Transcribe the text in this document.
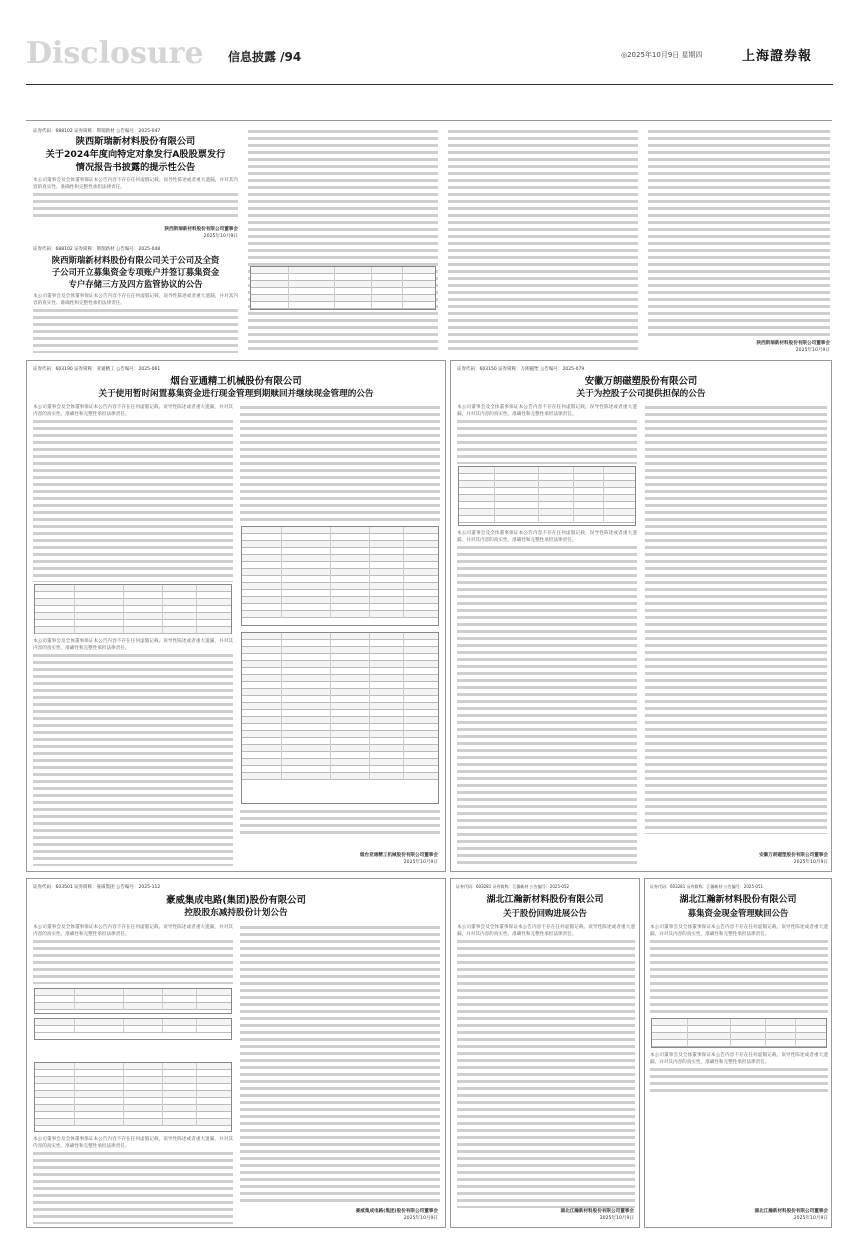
Disclosure 信息披露 /94	◎2025年10月9日 星期四	上海證券報
证券代码：688102 证券简称：斯瑞新材 公告编号：2025-047
陕西斯瑞新材料股份有限公司
关于2024年度向特定对象发行A股股票发行
情况报告书披露的提示性公告
本公司董事会及全体董事保证本公告内容不存在任何虚假记载、误导性陈述或者重大遗漏，并对其内容的真实性、准确性和完整性承担法律责任。
陕西斯瑞新材料股份有限公司董事会
2025年10月9日
证券代码：688102 证券简称：斯瑞新材 公告编号：2025-048
陕西斯瑞新材料股份有限公司关于公司及全资
子公司开立募集资金专项账户并签订募集资金
专户存储三方及四方监管协议的公告
本公司董事会及全体董事保证本公告内容不存在任何虚假记载、误导性陈述或者重大遗漏，并对其内容的真实性、准确性和完整性承担法律责任。
陕西斯瑞新材料股份有限公司董事会
2025年10月9日
证券代码：603190 证券简称：亚通精工 公告编号：2025-061
烟台亚通精工机械股份有限公司
关于使用暂时闲置募集资金进行现金管理到期赎回并继续现金管理的公告
本公司董事会及全体董事保证本公告内容不存在任何虚假记载、误导性陈述或者重大遗漏，并对其内容的真实性、准确性和完整性承担法律责任。
本公司董事会及全体董事保证本公告内容不存在任何虚假记载、误导性陈述或者重大遗漏，并对其内容的真实性、准确性和完整性承担法律责任。
烟台亚通精工机械股份有限公司董事会
2025年10月9日
证券代码：603150 证券简称：万朗磁塑 公告编号：2025-079
安徽万朗磁塑股份有限公司
关于为控股子公司提供担保的公告
本公司董事会及全体董事保证本公告内容不存在任何虚假记载、误导性陈述或者重大遗漏，并对其内容的真实性、准确性和完整性承担法律责任。
本公司董事会及全体董事保证本公告内容不存在任何虚假记载、误导性陈述或者重大遗漏，并对其内容的真实性、准确性和完整性承担法律责任。
安徽万朗磁塑股份有限公司董事会
2025年10月9日
证券代码：603501 证券简称：豪威集团 公告编号：2025-112
豪威集成电路(集团)股份有限公司
控股股东减持股份计划公告
本公司董事会及全体董事保证本公告内容不存在任何虚假记载、误导性陈述或者重大遗漏，并对其内容的真实性、准确性和完整性承担法律责任。
本公司董事会及全体董事保证本公告内容不存在任何虚假记载、误导性陈述或者重大遗漏，并对其内容的真实性、准确性和完整性承担法律责任。
豪威集成电路(集团)股份有限公司董事会
2025年10月9日
证券代码：603281 证券简称：江瀚新材 公告编号：2025-052
湖北江瀚新材料股份有限公司
关于股份回购进展公告
本公司董事会及全体董事保证本公告内容不存在任何虚假记载、误导性陈述或者重大遗漏，并对其内容的真实性、准确性和完整性承担法律责任。
湖北江瀚新材料股份有限公司董事会
2025年10月9日
证券代码：603281 证券简称：江瀚新材 公告编号：2025-051
湖北江瀚新材料股份有限公司
募集资金现金管理赎回公告
本公司董事会及全体董事保证本公告内容不存在任何虚假记载、误导性陈述或者重大遗漏，并对其内容的真实性、准确性和完整性承担法律责任。
本公司董事会及全体董事保证本公告内容不存在任何虚假记载、误导性陈述或者重大遗漏，并对其内容的真实性、准确性和完整性承担法律责任。
湖北江瀚新材料股份有限公司董事会
2025年10月9日
